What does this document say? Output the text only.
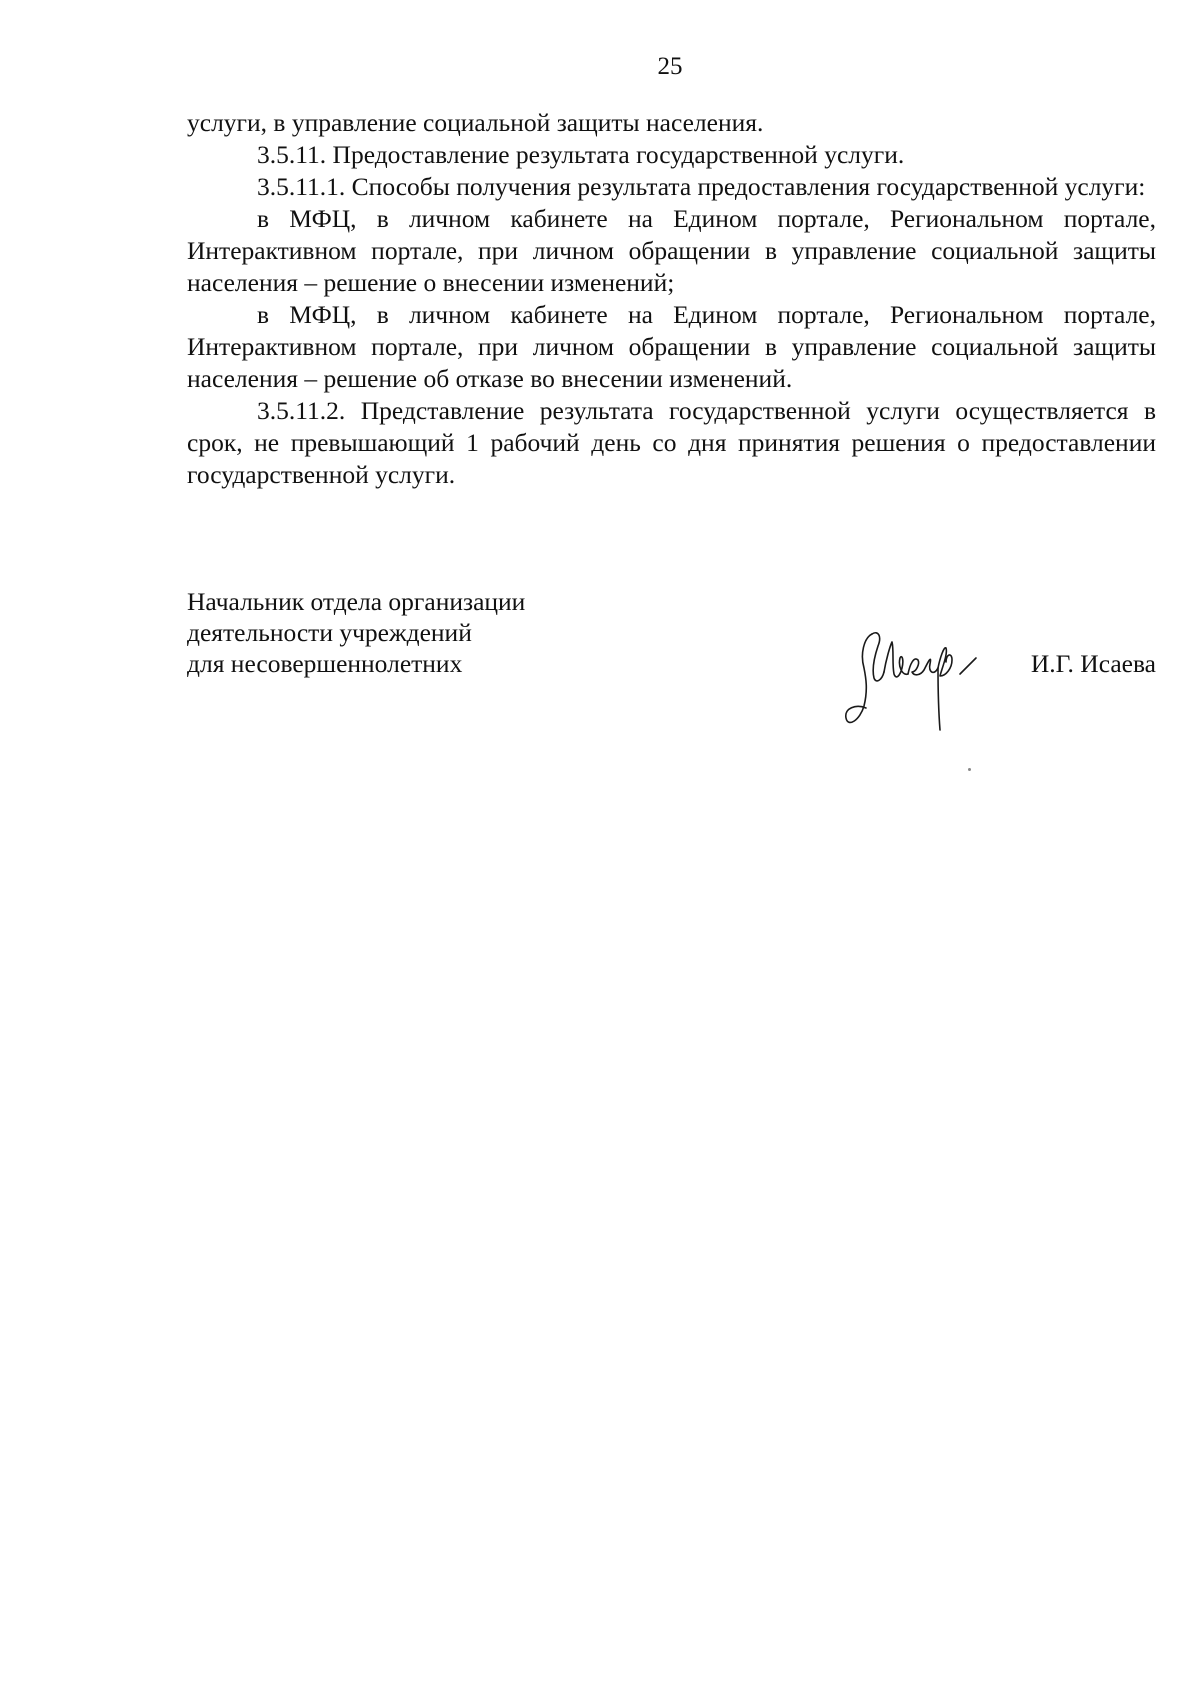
25

услуги, в управление социальной защиты населения.

3.5.11. Предоставление результата государственной услуги.

3.5.11.1. Способы получения результата предоставления государственной услуги:

в МФЦ, в личном кабинете на Едином портале, Региональном портале, Интерактивном портале, при личном обращении в управление социальной защиты населения – решение о внесении изменений;

в МФЦ, в личном кабинете на Едином портале, Региональном портале, Интерактивном портале, при личном обращении в управление социальной защиты населения – решение об отказе во внесении изменений.

3.5.11.2. Представление результата государственной услуги осуществляется в срок, не превышающий 1 рабочий день со дня принятия решения о предоставлении государственной услуги.

Начальник отдела организации
деятельности учреждений
для несовершеннолетних	И.Г. Исаева
